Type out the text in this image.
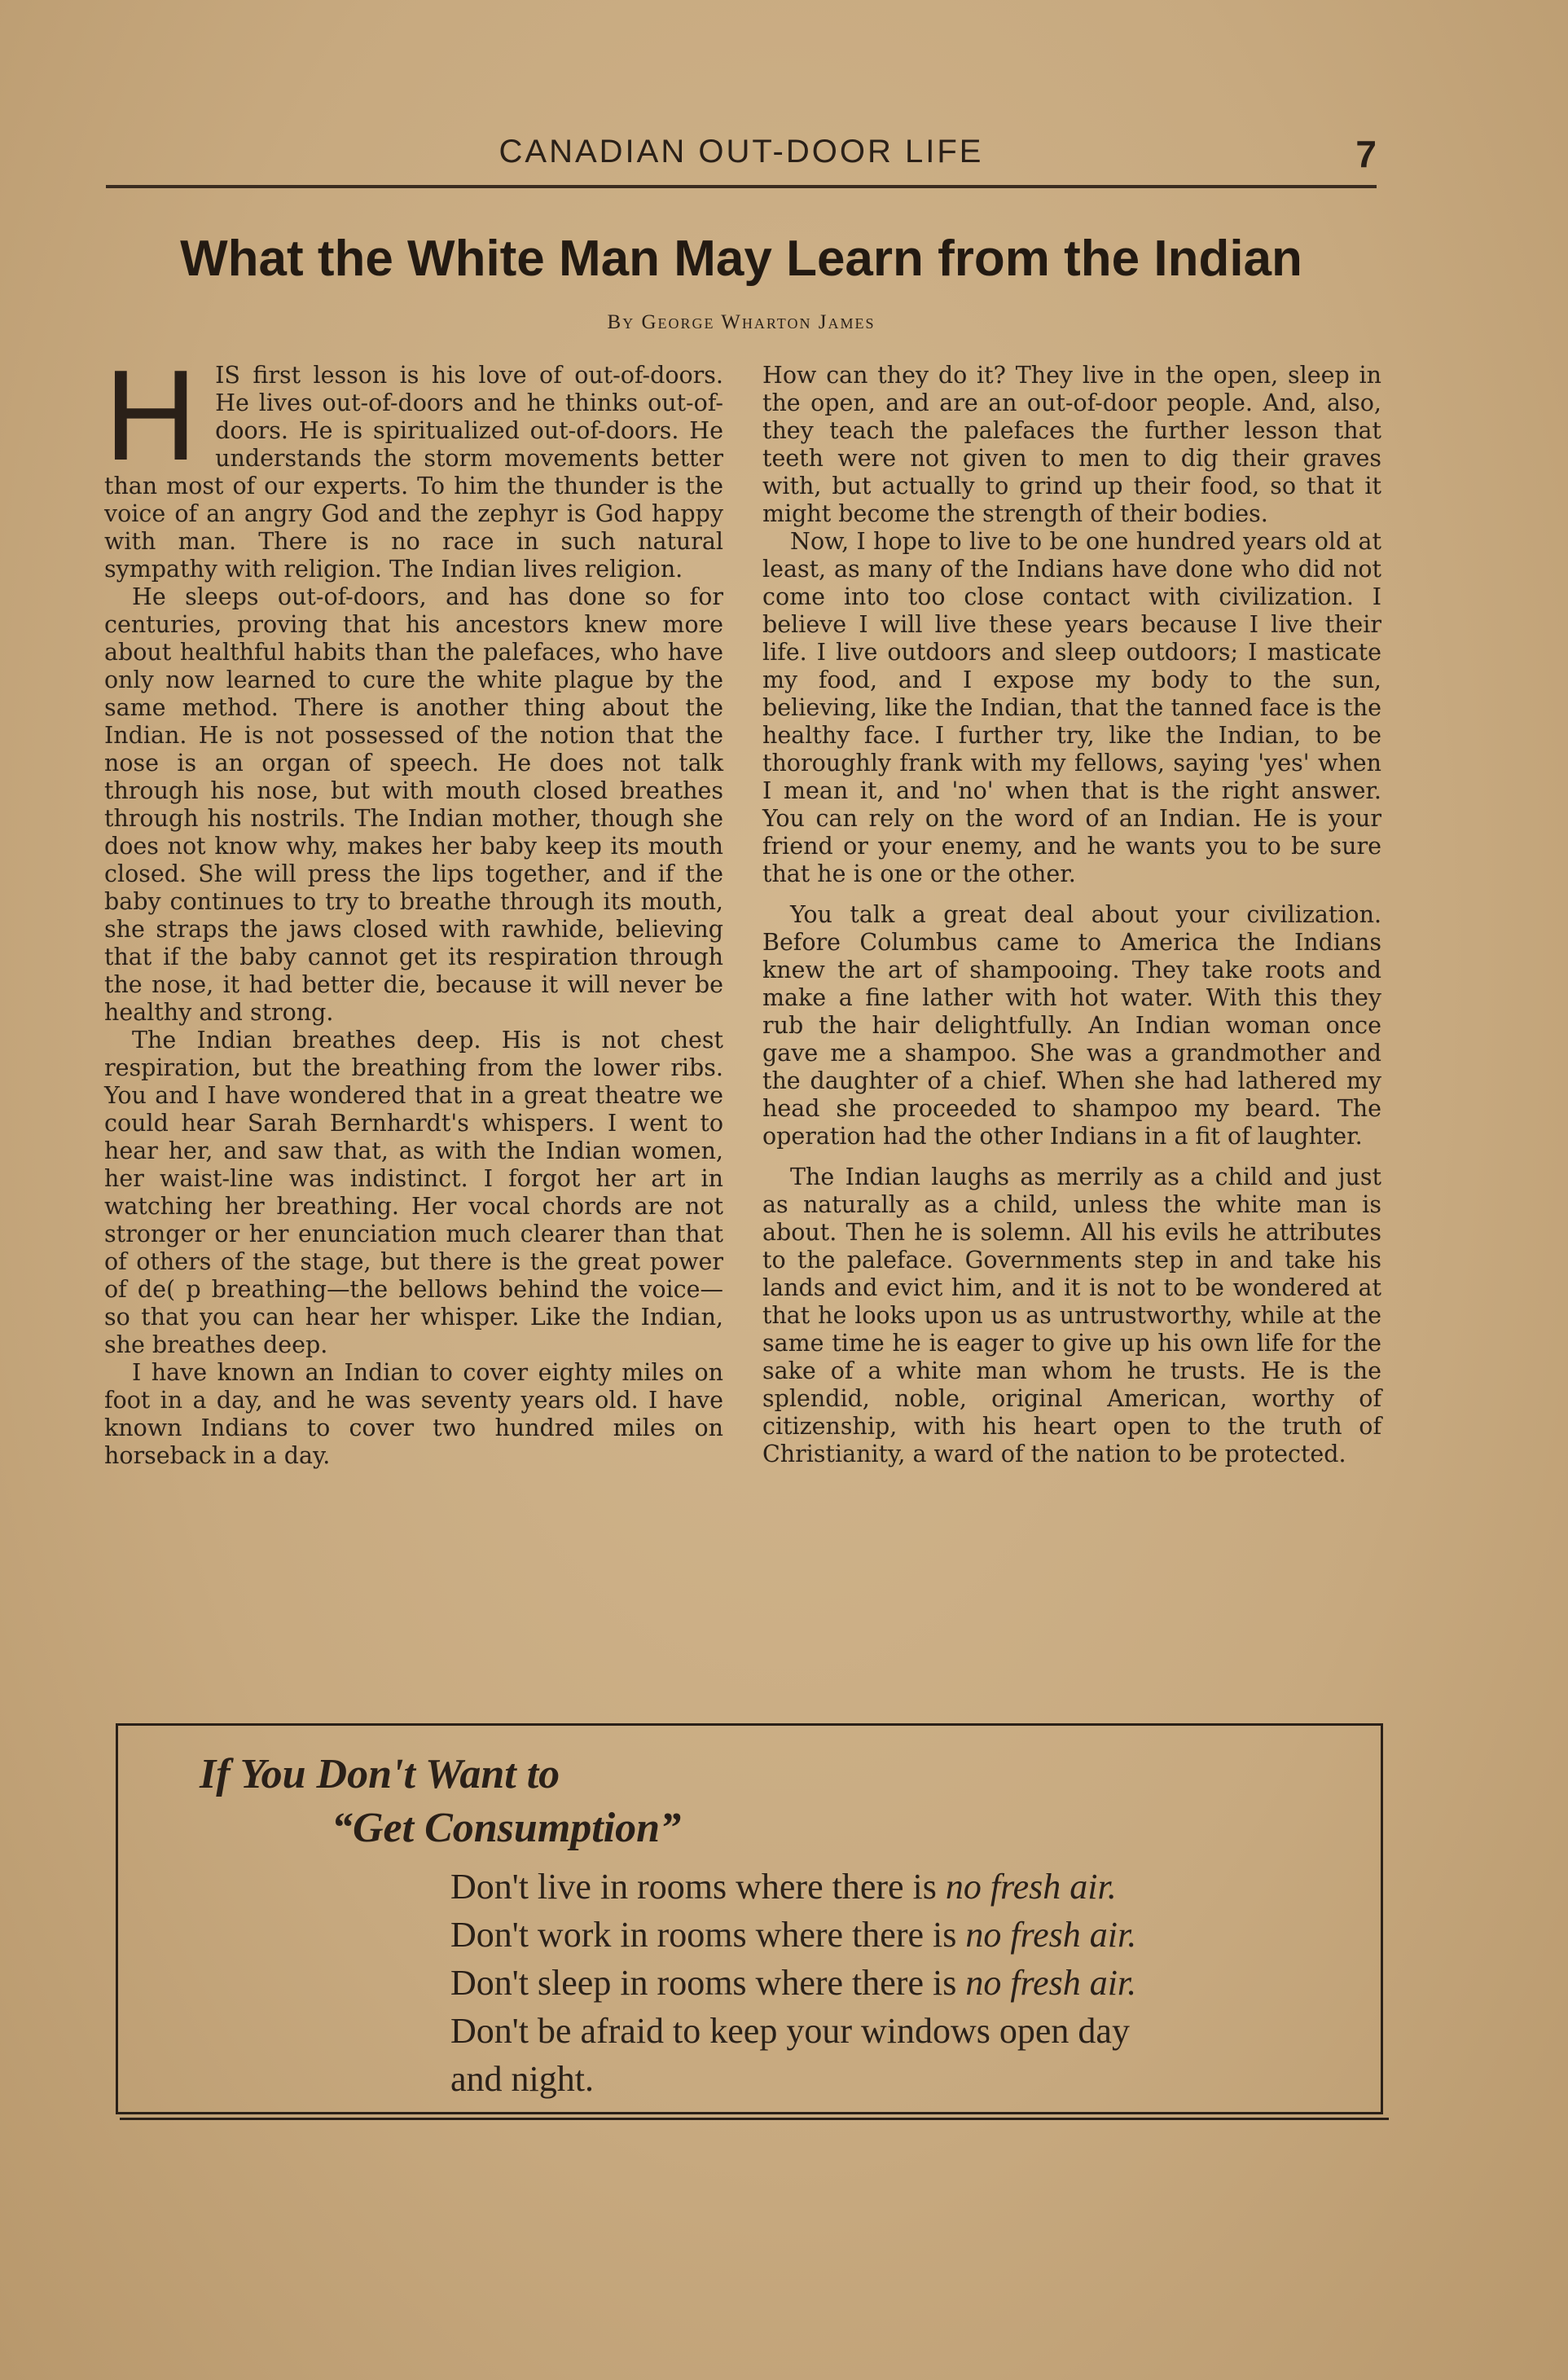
CANADIAN OUT-DOOR LIFE	7
What the White Man May Learn from the Indian
By George Wharton James

HIS first lesson is his love of out-of-doors. He lives out-of-doors and he thinks out-of-doors. He is spiritualized out-of-doors. He understands the storm movements better than most of our experts. To him the thunder is the voice of an angry God and the zephyr is God happy with man. There is no race in such natural sympathy with religion. The Indian lives religion.

He sleeps out-of-doors, and has done so for centuries, proving that his ancestors knew more about healthful habits than the palefaces, who have only now learned to cure the white plague by the same method. There is another thing about the Indian. He is not possessed of the notion that the nose is an organ of speech. He does not talk through his nose, but with mouth closed breathes through his nostrils. The Indian mother, though she does not know why, makes her baby keep its mouth closed. She will press the lips together, and if the baby continues to try to breathe through its mouth, she straps the jaws closed with rawhide, believing that if the baby cannot get its respiration through the nose, it had better die, because it will never be healthy and strong.

The Indian breathes deep. His is not chest respiration, but the breathing from the lower ribs. You and I have wondered that in a great theatre we could hear Sarah Bernhardt's whispers. I went to hear her, and saw that, as with the Indian women, her waist-line was indistinct. I forgot her art in watching her breathing. Her vocal chords are not stronger or her enunciation much clearer than that of others of the stage, but there is the great power of de( p breathing—the bellows behind the voice—so that you can hear her whisper. Like the Indian, she breathes deep.

I have known an Indian to cover eighty miles on foot in a day, and he was seventy years old. I have known Indians to cover two hundred miles on horseback in a day.

How can they do it? They live in the open, sleep in the open, and are an out-of-door people. And, also, they teach the palefaces the further lesson that teeth were not given to men to dig their graves with, but actually to grind up their food, so that it might become the strength of their bodies.

Now, I hope to live to be one hundred years old at least, as many of the Indians have done who did not come into too close contact with civilization. I believe I will live these years because I live their life. I live outdoors and sleep outdoors; I masticate my food, and I expose my body to the sun, believing, like the Indian, that the tanned face is the healthy face. I further try, like the Indian, to be thoroughly frank with my fellows, saying 'yes' when I mean it, and 'no' when that is the right answer. You can rely on the word of an Indian. He is your friend or your enemy, and he wants you to be sure that he is one or the other.

You talk a great deal about your civilization. Before Columbus came to America the Indians knew the art of shampooing. They take roots and make a fine lather with hot water. With this they rub the hair delightfully. An Indian woman once gave me a shampoo. She was a grandmother and the daughter of a chief. When she had lathered my head she proceeded to shampoo my beard. The operation had the other Indians in a fit of laughter.

The Indian laughs as merrily as a child and just as naturally as a child, unless the white man is about. Then he is solemn. All his evils he attributes to the paleface. Governments step in and take his lands and evict him, and it is not to be wondered at that he looks upon us as untrustworthy, while at the same time he is eager to give up his own life for the sake of a white man whom he trusts. He is the splendid, noble, original American, worthy of citizenship, with his heart open to the truth of Christianity, a ward of the nation to be protected.

If You Don't Want to
“Get Consumption”
Don't live in rooms where there is no fresh air.
Don't work in rooms where there is no fresh air.
Don't sleep in rooms where there is no fresh air.
Don't be afraid to keep your windows open day
and night.
